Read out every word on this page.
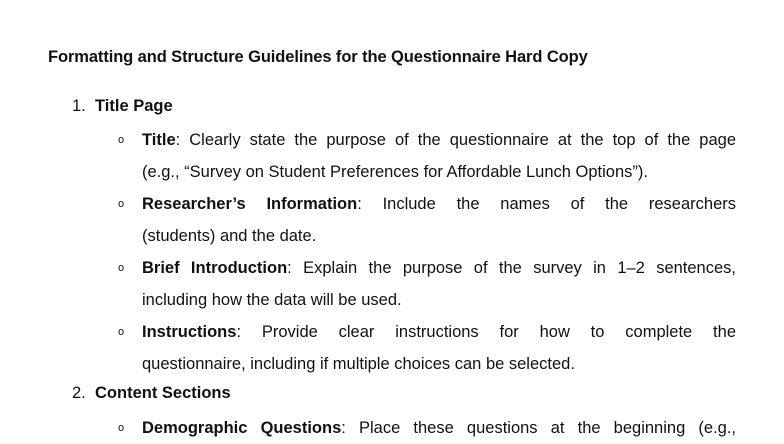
Formatting and Structure Guidelines for the Questionnaire Hard Copy
1. Title Page
o Title: Clearly state the purpose of the questionnaire at the top of the page
(e.g., “Survey on Student Preferences for Affordable Lunch Options”).
o Researcher’s Information: Include the names of the researchers
(students) and the date.
o Brief Introduction: Explain the purpose of the survey in 1–2 sentences,
including how the data will be used.
o Instructions: Provide clear instructions for how to complete the
questionnaire, including if multiple choices can be selected.
2. Content Sections
o Demographic Questions: Place these questions at the beginning (e.g.,
